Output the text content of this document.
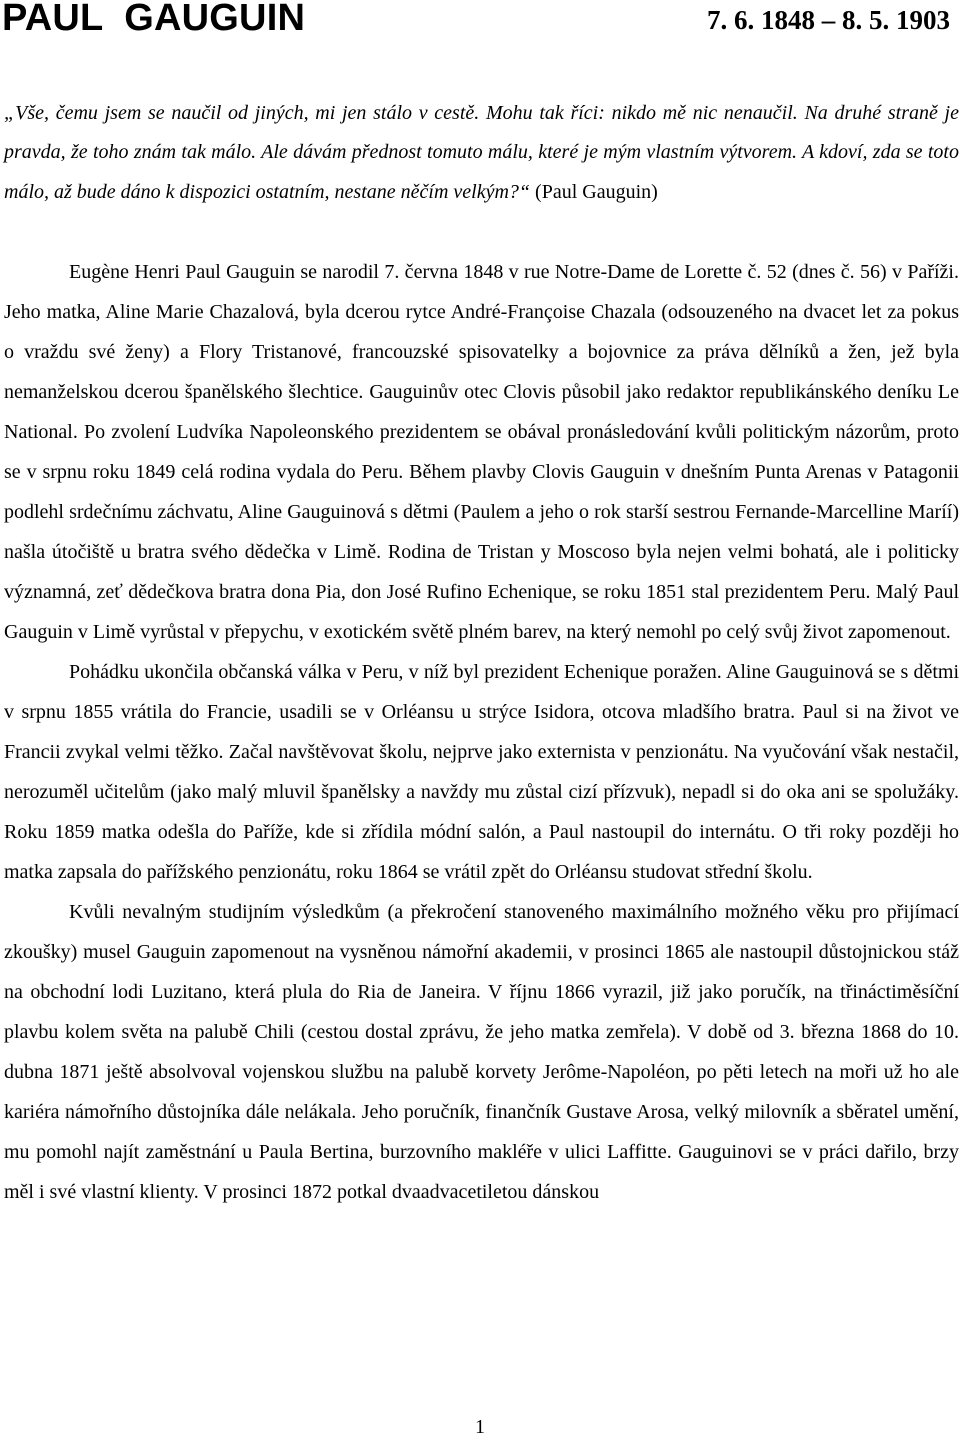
PAUL  GAUGUIN	7. 6. 1848 – 8. 5. 1903

„Vše, čemu jsem se naučil od jiných, mi jen stálo v cestě. Mohu tak říci: nikdo mě nic nenaučil. Na druhé straně je pravda, že toho znám tak málo. Ale dávám přednost tomuto málu, které je mým vlastním výtvorem. A kdoví, zda se toto málo, až bude dáno k dispozici ostatním, nestane něčím velkým?“ (Paul Gauguin)

Eugène Henri Paul Gauguin se narodil 7. června 1848 v rue Notre-Dame de Lorette č. 52 (dnes č. 56) v Paříži. Jeho matka, Aline Marie Chazalová, byla dcerou rytce André-Françoise Chazala (odsouzeného na dvacet let za pokus o vraždu své ženy) a Flory Tristanové, francouzské spisovatelky a bojovnice za práva dělníků a žen, jež byla nemanželskou dcerou španělského šlechtice. Gauguinův otec Clovis působil jako redaktor republikánského deníku Le National. Po zvolení Ludvíka Napoleonského prezidentem se obával pronásledování kvůli politickým názorům, proto se v srpnu roku 1849 celá rodina vydala do Peru. Během plavby Clovis Gauguin v dnešním Punta Arenas v Patagonii podlehl srdečnímu záchvatu, Aline Gauguinová s dětmi (Paulem a jeho o rok starší sestrou Fernande-Marcelline Maríí) našla útočiště u bratra svého dědečka v Limě. Rodina de Tristan y Moscoso byla nejen velmi bohatá, ale i politicky významná, zeť dědečkova bratra dona Pia, don José Rufino Echenique, se roku 1851 stal prezidentem Peru. Malý Paul Gauguin v Limě vyrůstal v přepychu, v exotickém světě plném barev, na který nemohl po celý svůj život zapomenout.

Pohádku ukončila občanská válka v Peru, v níž byl prezident Echenique poražen. Aline Gauguinová se s dětmi v srpnu 1855 vrátila do Francie, usadili se v Orléansu u strýce Isidora, otcova mladšího bratra. Paul si na život ve Francii zvykal velmi těžko. Začal navštěvovat školu, nejprve jako externista v penzionátu. Na vyučování však nestačil, nerozuměl učitelům (jako malý mluvil španělsky a navždy mu zůstal cizí přízvuk), nepadl si do oka ani se spolužáky. Roku 1859 matka odešla do Paříže, kde si zřídila módní salón, a Paul nastoupil do internátu. O tři roky později ho matka zapsala do pařížského penzionátu, roku 1864 se vrátil zpět do Orléansu studovat střední školu.

Kvůli nevalným studijním výsledkům (a překročení stanoveného maximálního možného věku pro přijímací zkoušky) musel Gauguin zapomenout na vysněnou námořní akademii, v prosinci 1865 ale nastoupil důstojnickou stáž na obchodní lodi Luzitano, která plula do Ria de Janeira. V říjnu 1866 vyrazil, již jako poručík, na třináctiměsíční plavbu kolem světa na palubě Chili (cestou dostal zprávu, že jeho matka zemřela). V době od 3. března 1868 do 10. dubna 1871 ještě absolvoval vojenskou službu na palubě korvety Jerôme-Napoléon, po pěti letech na moři už ho ale kariéra námořního důstojníka dále nelákala. Jeho poručník, finančník Gustave Arosa, velký milovník a sběratel umění, mu pomohl najít zaměstnání u Paula Bertina, burzovního makléře v ulici Laffitte. Gauguinovi se v práci dařilo, brzy měl i své vlastní klienty. V prosinci 1872 potkal dvaadvacetiletou dánskou

1
